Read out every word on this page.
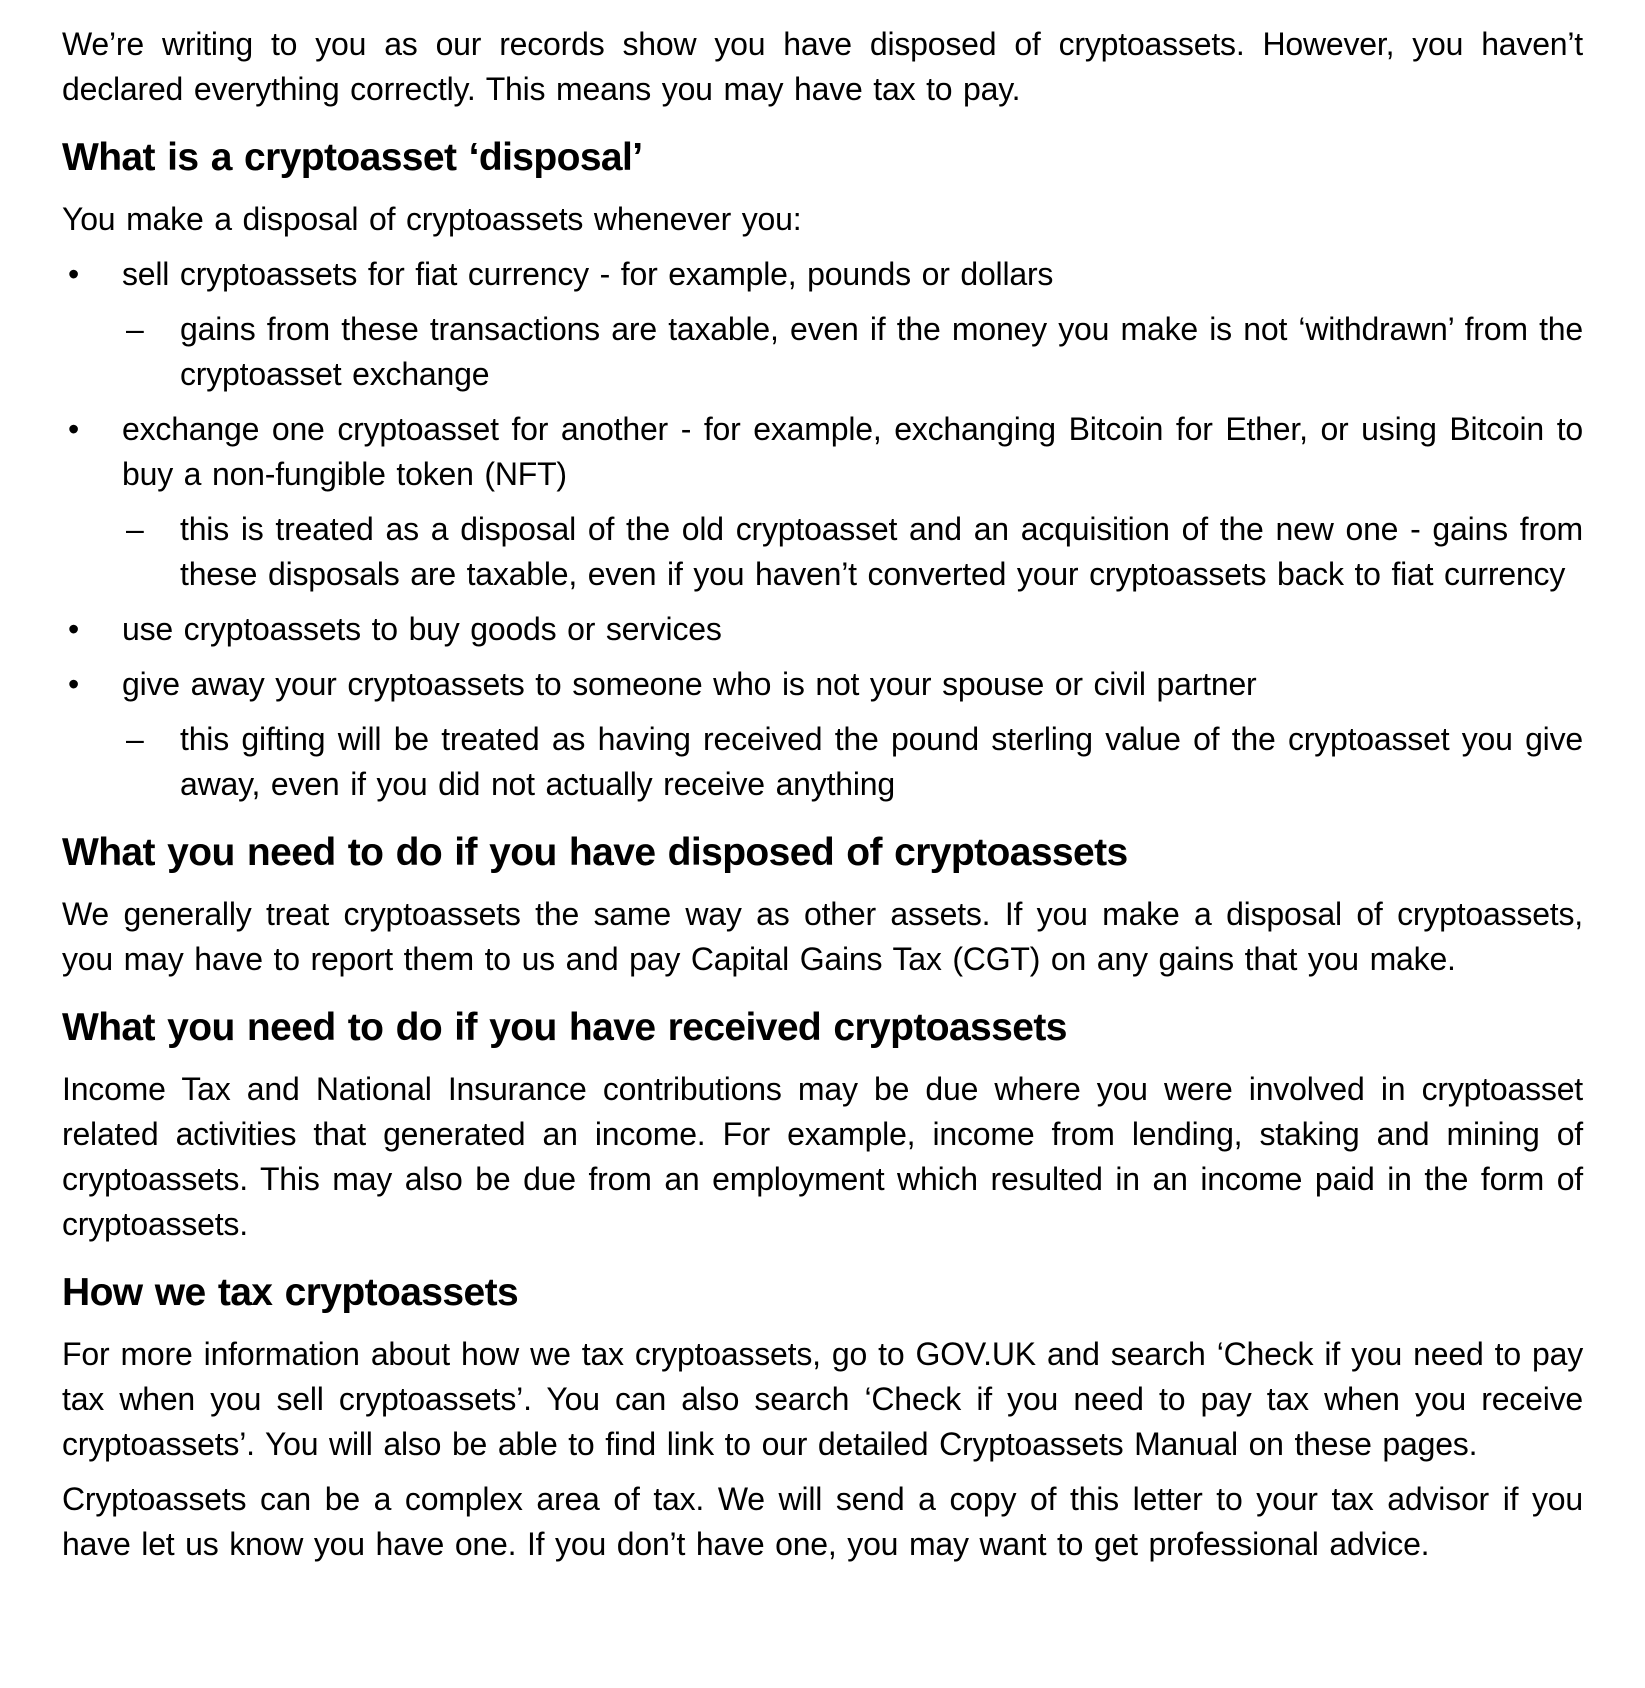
We’re writing to you as our records show you have disposed of cryptoassets. However, you haven’t declared everything correctly. This means you may have tax to pay.

What is a cryptoasset ‘disposal’

You make a disposal of cryptoassets whenever you:

• sell cryptoassets for fiat currency - for example, pounds or dollars
– gains from these transactions are taxable, even if the money you make is not ‘withdrawn’ from the cryptoasset exchange
• exchange one cryptoasset for another - for example, exchanging Bitcoin for Ether, or using Bitcoin to buy a non-fungible token (NFT)
– this is treated as a disposal of the old cryptoasset and an acquisition of the new one - gains from these disposals are taxable, even if you haven’t converted your cryptoassets back to fiat currency
• use cryptoassets to buy goods or services
• give away your cryptoassets to someone who is not your spouse or civil partner
– this gifting will be treated as having received the pound sterling value of the cryptoasset you give away, even if you did not actually receive anything
What you need to do if you have disposed of cryptoassets

We generally treat cryptoassets the same way as other assets. If you make a disposal of cryptoassets, you may have to report them to us and pay Capital Gains Tax (CGT) on any gains that you make.

What you need to do if you have received cryptoassets

Income Tax and National Insurance contributions may be due where you were involved in cryptoasset related activities that generated an income. For example, income from lending, staking and mining of cryptoassets. This may also be due from an employment which resulted in an income paid in the form of cryptoassets.

How we tax cryptoassets

For more information about how we tax cryptoassets, go to GOV.UK and search ‘Check if you need to pay tax when you sell cryptoassets’. You can also search ‘Check if you need to pay tax when you receive cryptoassets’. You will also be able to find link to our detailed Cryptoassets Manual on these pages.

Cryptoassets can be a complex area of tax. We will send a copy of this letter to your tax advisor if you have let us know you have one. If you don’t have one, you may want to get professional advice.
